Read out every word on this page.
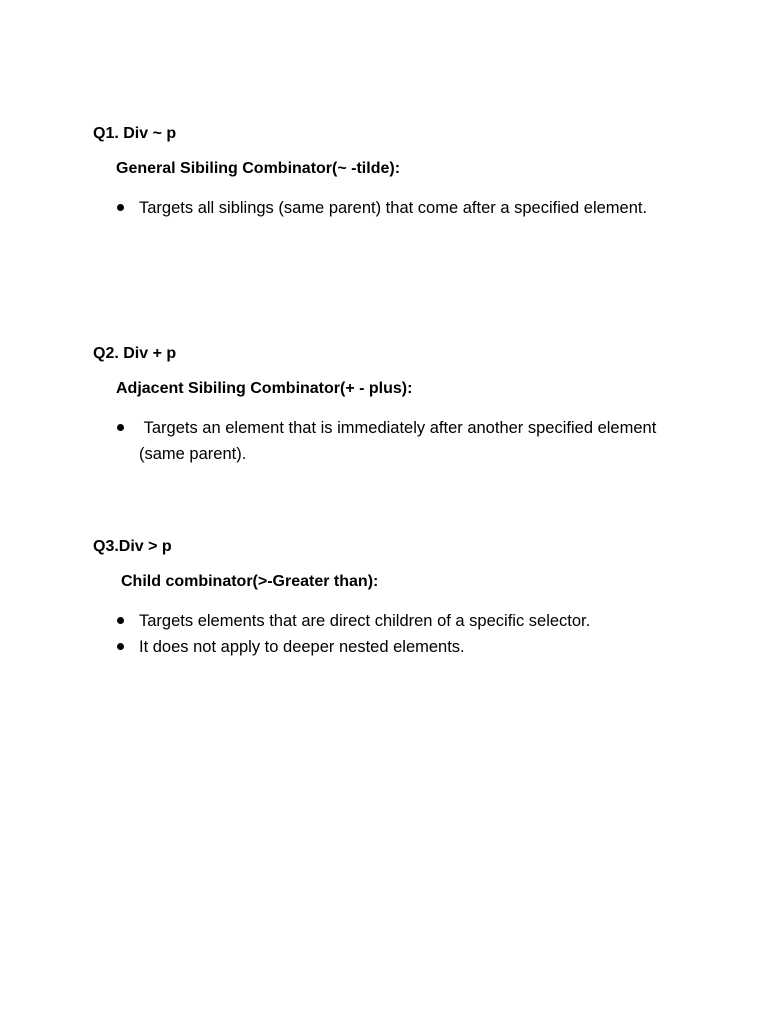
Q1. Div ~ p

General Sibiling Combinator(~ -tilde):

Targets all siblings (same parent) that come after a specified element.

Q2. Div + p

Adjacent Sibiling Combinator(+ - plus):

Targets an element that is immediately after another specified element (same parent).

Q3.Div > p

Child combinator(>-Greater than):

Targets elements that are direct children of a specific selector.
It does not apply to deeper nested elements.
